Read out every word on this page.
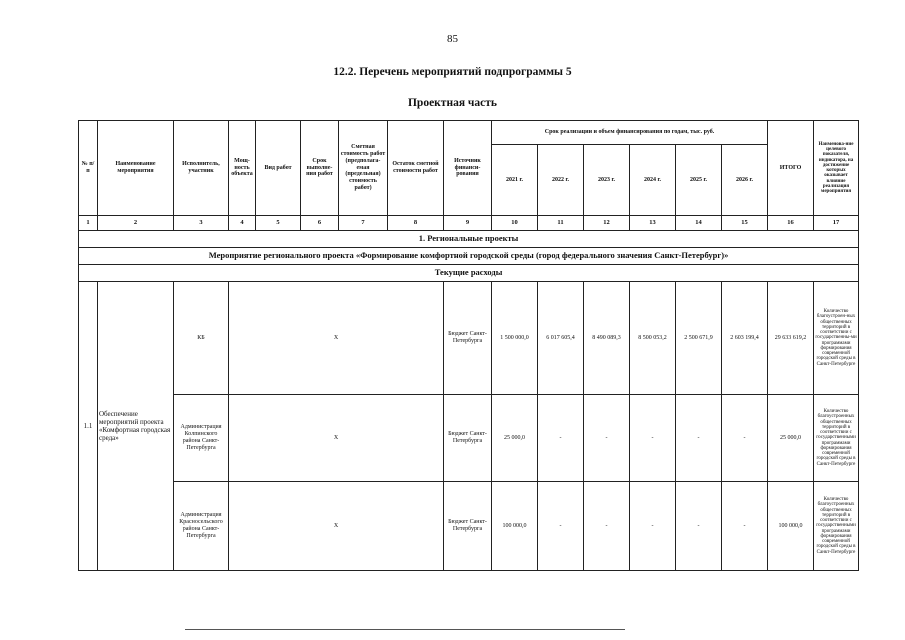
85
12.2. Перечень мероприятий подпрограммы 5
Проектная часть
№ п/п	Наименование мероприятия	Исполнитель, участник	Мощ-ность объекта	Вид работ	Срок выполне-ния работ	Сметная стоимость работ (предполага-емая (предельная) стоимость работ)	Остаток сметной стоимости работ	Источник финанси-рования	Срок реализации и объем финансирования по годам, тыс. руб.						ИТОГО	Наименова-ние целевого показателя, индикатора, на достижение которых оказывает влияние реализация мероприятия
									2021 г.	2022 г.	2023 г.	2024 г.	2025 г.	2026 г.		
1	2	3	4	5	6	7	8	9	10	11	12	13	14	15	16	17
1. Региональные проекты																
Мероприятие регионального проекта «Формирование комфортной городской среды (город федерального значения Санкт-Петербург)»																
Текущие расходы																
1.1	Обеспечение мероприятий проекта «Комфортная городская среда»	КБ	Х					Бюджет Санкт-Петербурга	1 500 000,0	6 017 605,4	8 490 089,3	8 500 053,2	2 500 671,9	2 603 199,4	29 633 619,2	Количество благоустроен-ных общественных территорий в соответствии с государственны-ми программами формирования современной городской среды в Санкт-Петербурге
		Администрация Колпинского района Санкт-Петербурга	Х					Бюджет Санкт-Петербурга	25 000,0	-	-	-	-	-	25 000,0	Количество благоустроенных общественных территорий в соответствии с государственными программами формирования современной городской среды в Санкт-Петербурге
		Администрация Красносельского района Санкт-Петербурга	Х					Бюджет Санкт-Петербурга	100 000,0	-	-	-	-	-	100 000,0	Количество благоустроенных общественных территорий в соответствии с государственными программами формирования современной городской среды в Санкт-Петербурге
